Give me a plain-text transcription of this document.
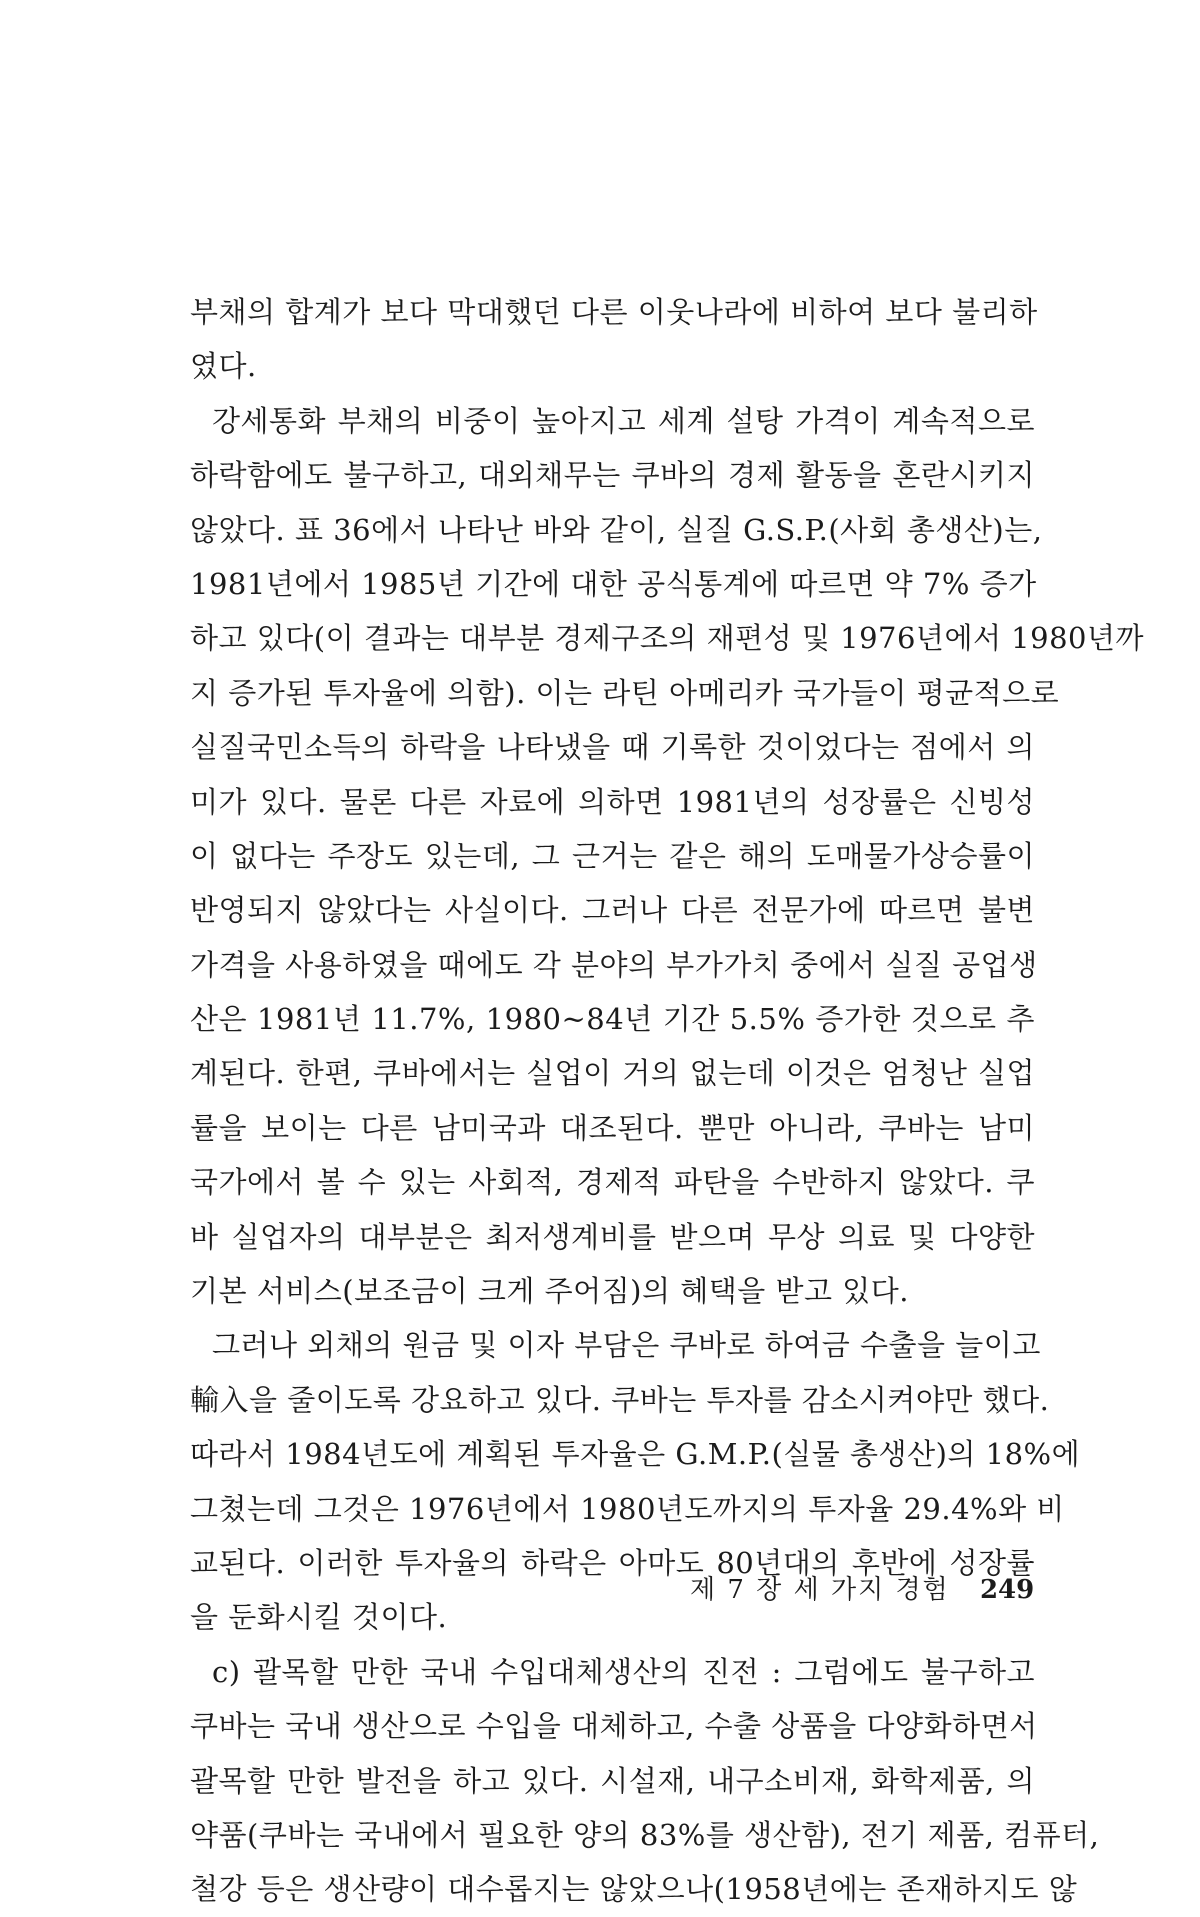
부채의 합계가 보다 막대했던 다른 이웃나라에 비하여 보다 불리하
였다.
강세통화 부채의 비중이 높아지고 세계 설탕 가격이 계속적으로
하락함에도 불구하고, 대외채무는 쿠바의 경제 활동을 혼란시키지
않았다. 표 36에서 나타난 바와 같이, 실질 G.S.P.(사회 총생산)는,
1981년에서 1985년 기간에 대한 공식통계에 따르면 약 7% 증가
하고 있다(이 결과는 대부분 경제구조의 재편성 및 1976년에서 1980년까
지 증가된 투자율에 의함). 이는 라틴 아메리카 국가들이 평균적으로
실질국민소득의 하락을 나타냈을 때 기록한 것이었다는 점에서 의
미가 있다. 물론 다른 자료에 의하면 1981년의 성장률은 신빙성
이 없다는 주장도 있는데, 그 근거는 같은 해의 도매물가상승률이
반영되지 않았다는 사실이다. 그러나 다른 전문가에 따르면 불변
가격을 사용하였을 때에도 각 분야의 부가가치 중에서 실질 공업생
산은 1981년 11.7%, 1980~84년 기간 5.5% 증가한 것으로 추
계된다. 한편, 쿠바에서는 실업이 거의 없는데 이것은 엄청난 실업
률을 보이는 다른 남미국과 대조된다. 뿐만 아니라, 쿠바는 남미
국가에서 볼 수 있는 사회적, 경제적 파탄을 수반하지 않았다. 쿠
바 실업자의 대부분은 최저생계비를 받으며 무상 의료 및 다양한
기본 서비스(보조금이 크게 주어짐)의 혜택을 받고 있다.
그러나 외채의 원금 및 이자 부담은 쿠바로 하여금 수출을 늘이고
輸入을 줄이도록 강요하고 있다. 쿠바는 투자를 감소시켜야만 했다.
따라서 1984년도에 계획된 투자율은 G.M.P.(실물 총생산)의 18%에
그쳤는데 그것은 1976년에서 1980년도까지의 투자율 29.4%와 비
교된다. 이러한 투자율의 하락은 아마도 80년대의 후반에 성장률
을 둔화시킬 것이다.
c) 괄목할 만한 국내 수입대체생산의 진전 : 그럼에도 불구하고
쿠바는 국내 생산으로 수입을 대체하고, 수출 상품을 다양화하면서
괄목할 만한 발전을 하고 있다. 시설재, 내구소비재, 화학제품, 의
약품(쿠바는 국내에서 필요한 양의 83%를 생산함), 전기 제품, 컴퓨터,
철강 등은 생산량이 대수롭지는 않았으나(1958년에는 존재하지도 않
제 7 장 세 가지 경험 249
